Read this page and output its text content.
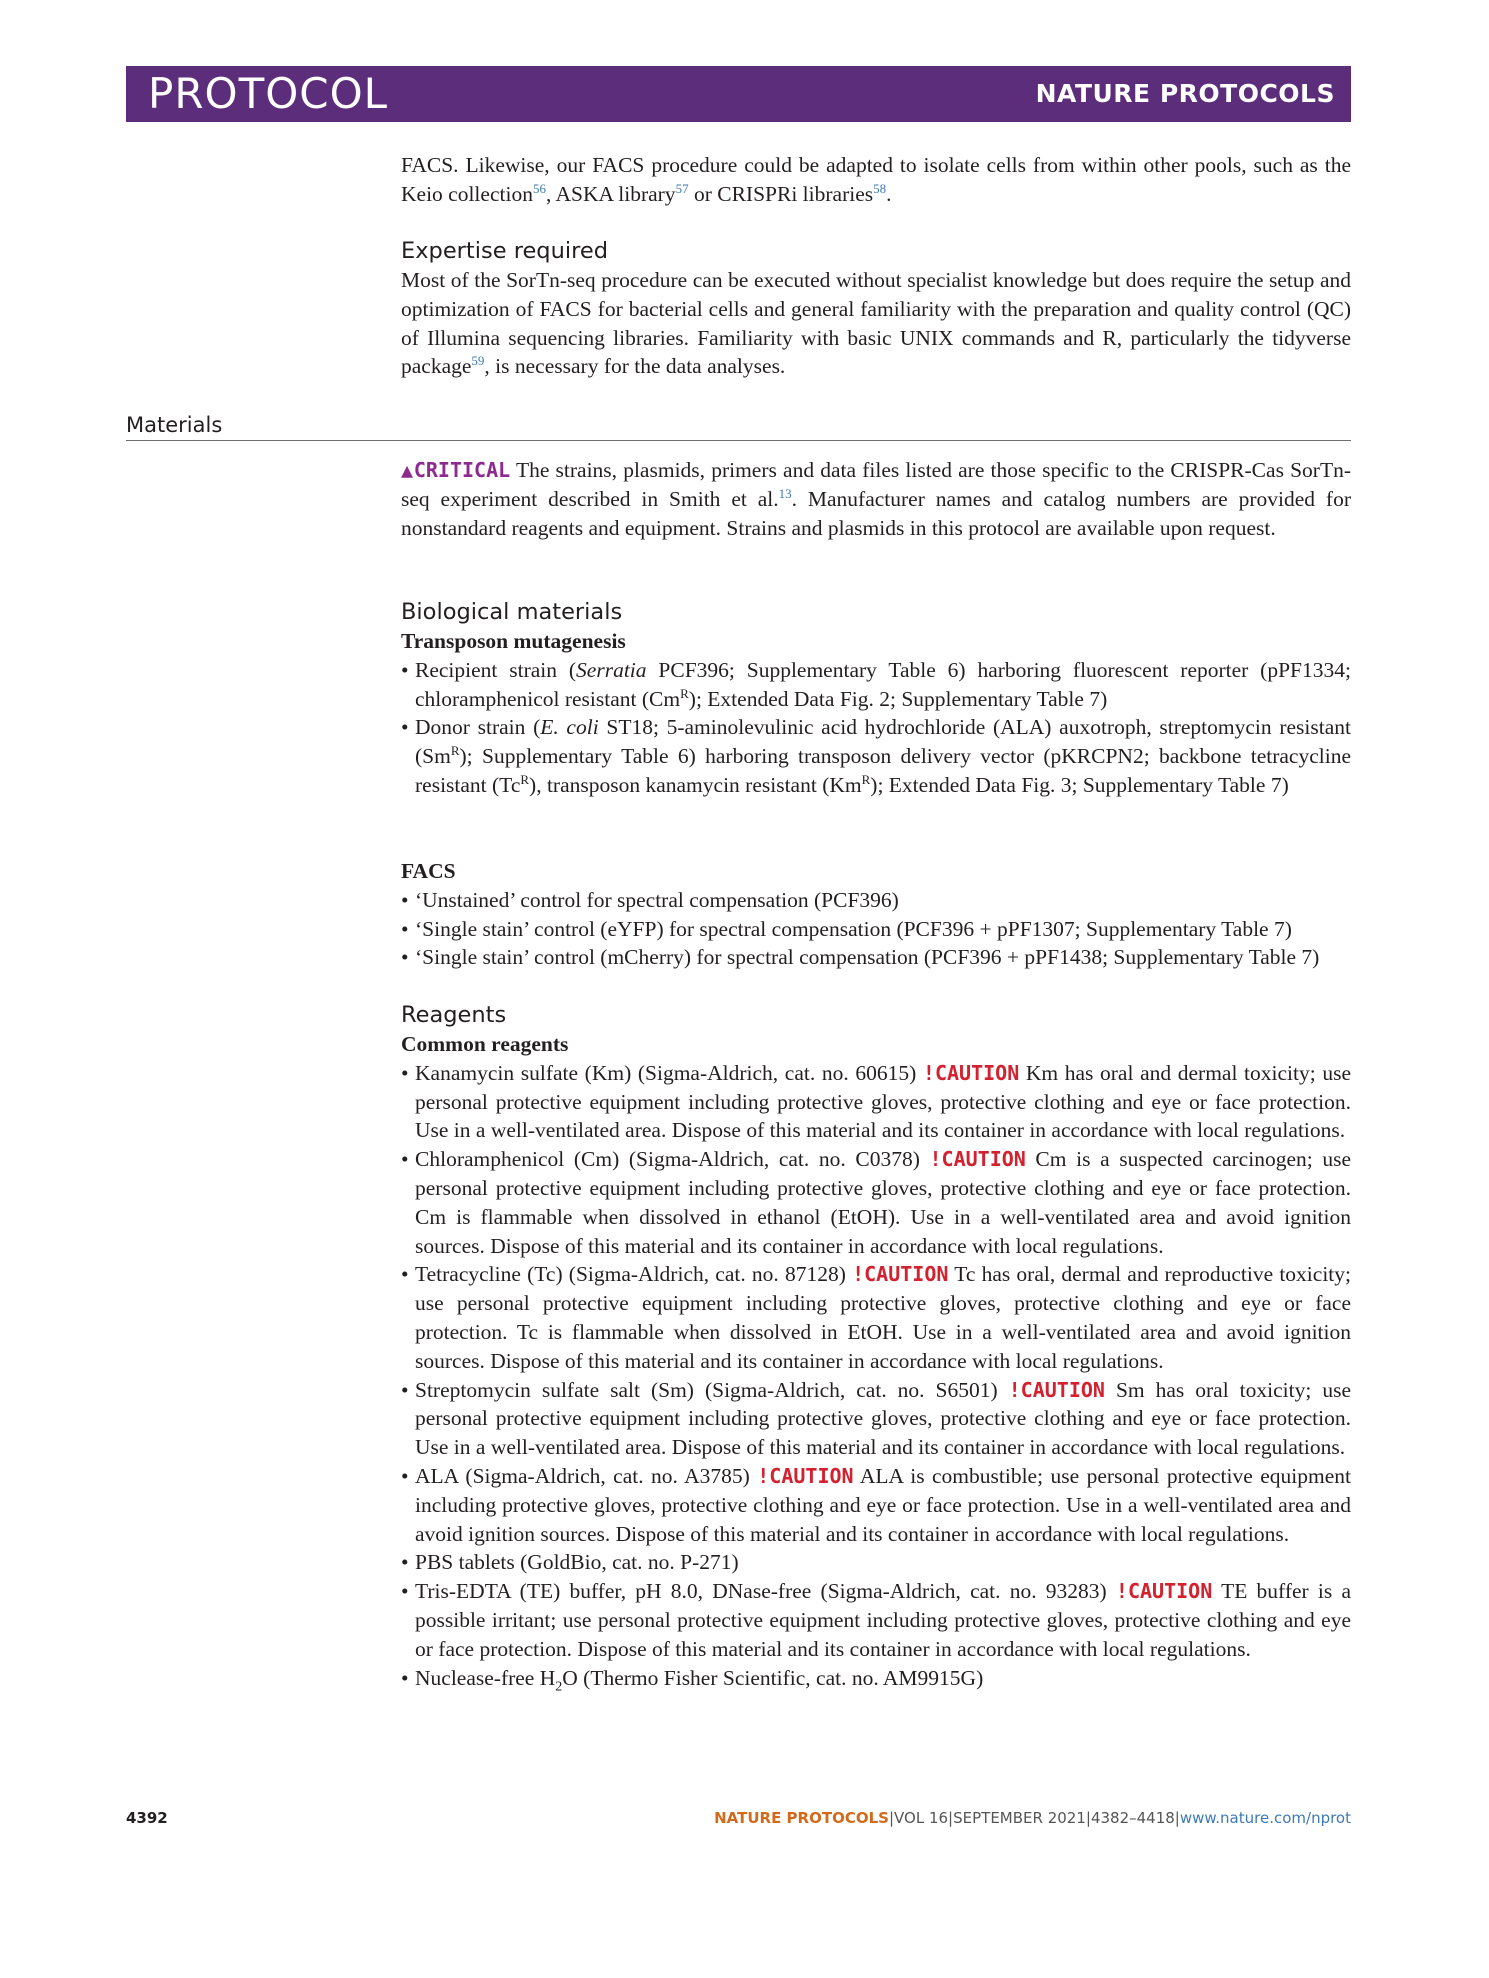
PROTOCOL	NATURE PROTOCOLS

FACS. Likewise, our FACS procedure could be adapted to isolate cells from within other pools, such as the Keio collection$^{56}$, ASKA library$^{57}$ or CRISPRi libraries$^{58}$.

Expertise required

Most of the SorTn-seq procedure can be executed without specialist knowledge but does require the setup and optimization of FACS for bacterial cells and general familiarity with the preparation and quality control (QC) of Illumina sequencing libraries. Familiarity with basic UNIX commands and R, particularly the tidyverse package$^{59}$, is necessary for the data analyses.

Materials

▲CRITICAL The strains, plasmids, primers and data files listed are those specific to the CRISPR-Cas SorTn-seq experiment described in Smith et al.$^{13}$. Manufacturer names and catalog numbers are provided for nonstandard reagents and equipment. Strains and plasmids in this protocol are available upon request.

Biological materials
Transposon mutagenesis
• Recipient strain (Serratia PCF396; Supplementary Table 6) harboring fluorescent reporter (pPF1334; chloramphenicol resistant $(Cm^R)$; Extended Data Fig. 2; Supplementary Table 7)
• Donor strain (E. coli ST18; 5-aminolevulinic acid hydrochloride (ALA) auxotroph, streptomycin resistant $(Sm^R)$; Supplementary Table 6) harboring transposon delivery vector (pKRCPN2; backbone tetracycline resistant $(Tc^R)$, transposon kanamycin resistant $(Km^R)$; Extended Data Fig. 3; Supplementary Table 7)
FACS
• ‘Unstained’ control for spectral compensation (PCF396)
• ‘Single stain’ control (eYFP) for spectral compensation (PCF396 + pPF1307; Supplementary Table 7)
• ‘Single stain’ control (mCherry) for spectral compensation (PCF396 + pPF1438; Supplementary Table 7)
Reagents
Common reagents
• Kanamycin sulfate (Km) (Sigma-Aldrich, cat. no. 60615) !CAUTION Km has oral and dermal toxicity; use personal protective equipment including protective gloves, protective clothing and eye or face protection. Use in a well-ventilated area. Dispose of this material and its container in accordance with local regulations.
• Chloramphenicol (Cm) (Sigma-Aldrich, cat. no. C0378) !CAUTION Cm is a suspected carcinogen; use personal protective equipment including protective gloves, protective clothing and eye or face protection. Cm is flammable when dissolved in ethanol (EtOH). Use in a well-ventilated area and avoid ignition sources. Dispose of this material and its container in accordance with local regulations.
• Tetracycline (Tc) (Sigma-Aldrich, cat. no. 87128) !CAUTION Tc has oral, dermal and reproductive toxicity; use personal protective equipment including protective gloves, protective clothing and eye or face protection. Tc is flammable when dissolved in EtOH. Use in a well-ventilated area and avoid ignition sources. Dispose of this material and its container in accordance with local regulations.
• Streptomycin sulfate salt (Sm) (Sigma-Aldrich, cat. no. S6501) !CAUTION Sm has oral toxicity; use personal protective equipment including protective gloves, protective clothing and eye or face protection. Use in a well-ventilated area. Dispose of this material and its container in accordance with local regulations.
• ALA (Sigma-Aldrich, cat. no. A3785) !CAUTION ALA is combustible; use personal protective equipment including protective gloves, protective clothing and eye or face protection. Use in a well-ventilated area and avoid ignition sources. Dispose of this material and its container in accordance with local regulations.
• PBS tablets (GoldBio, cat. no. P-271)
• Tris-EDTA (TE) buffer, pH 8.0, DNase-free (Sigma-Aldrich, cat. no. 93283) !CAUTION TE buffer is a possible irritant; use personal protective equipment including protective gloves, protective clothing and eye or face protection. Dispose of this material and its container in accordance with local regulations.
• Nuclease-free $H_2O$ (Thermo Fisher Scientific, cat. no. AM9915G)
4392	NATURE PROTOCOLS|VOL 16|SEPTEMBER 2021|4382–4418|www.nature.com/nprot
